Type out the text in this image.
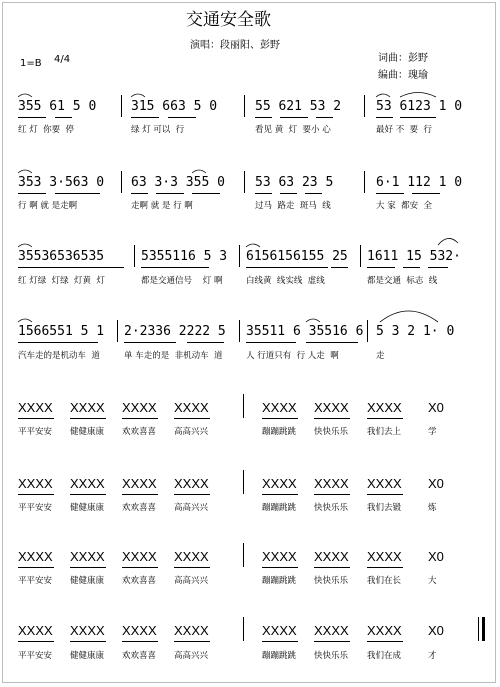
交通安全歌
演唱：段丽阳、彭野
1=B 4/4	词曲：彭野
编曲：瑰瑜
355 61 5 0	315 663 5 0	55 621 53 2	53 6123 1 0
红 灯  你要  停	绿 灯 可以  行	看见 黄  灯  要小 心	最好 不  要  行
353 3·563 0 63 3·3 355 0 53 63 23 5	6·1 112 1 0
行 啊 就 是走啊	走啊 就 是 行 啊	过马  路走  斑马  线	大 家  都安  全
35536536535	5355116 5 3 6156156155 25 1611 15 532·
红 灯绿  灯绿  灯黄  灯	都是交通信号    灯 啊	白线黄  线实线  虚线	都是交通  标志  线
1566551 5 1 2·2336 2222 5 35511 6 35516 6 5 3 2 1· 0
汽车走的是机动车  道	单 车走的是  非机动车  道	人 行道只有  行 人走  啊	走
XXXX XXXX XXXX XXXX	XXXX XXXX XXXX X0
平平安安 健健康康 欢欢喜喜 高高兴兴	蹦蹦跳跳 快快乐乐 我们去上	学
XXXX XXXX XXXX XXXX	XXXX XXXX XXXX X0
平平安安 健健康康 欢欢喜喜 高高兴兴	蹦蹦跳跳 快快乐乐 我们去锻	炼
XXXX XXXX XXXX XXXX	XXXX XXXX XXXX X0
平平安安 健健康康 欢欢喜喜 高高兴兴	蹦蹦跳跳 快快乐乐 我们在长	大
XXXX XXXX XXXX XXXX	XXXX XXXX XXXX X0
平平安安 健健康康 欢欢喜喜 高高兴兴	蹦蹦跳跳 快快乐乐 我们在成	才
